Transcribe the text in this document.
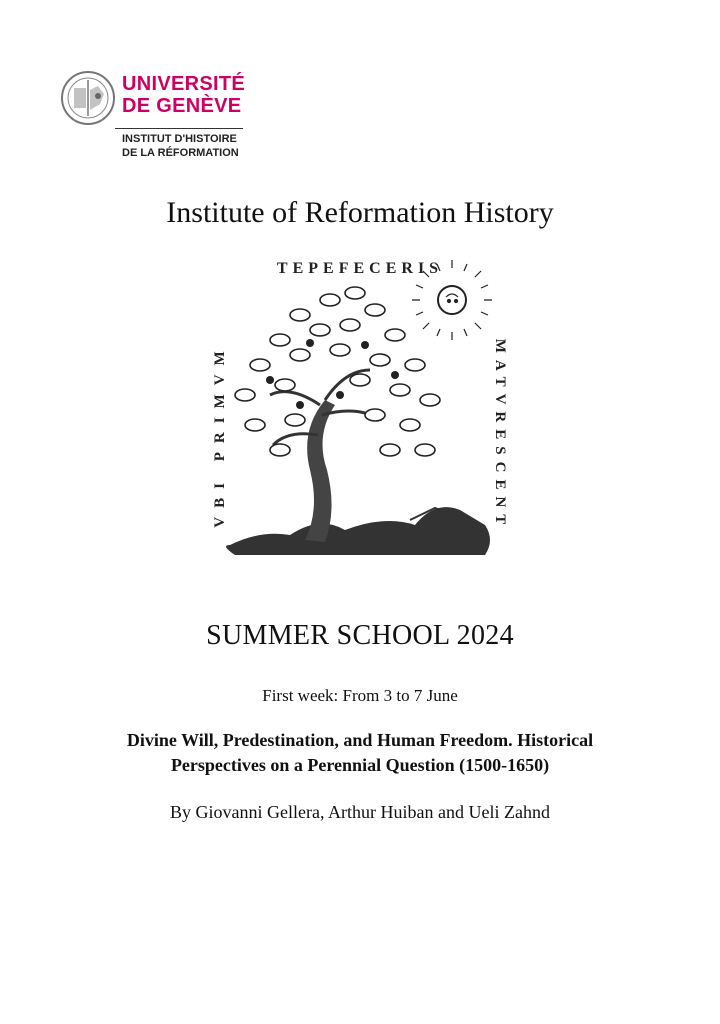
UNIVERSITÉ
DE GENÈVE
INSTITUT D'HISTOIRE
DE LA RÉFORMATION
Institute of Reformation History
TEPEFECERIS
VBI PRIMVM	MATVRESCENT
SUMMER SCHOOL 2024
First week: From 3 to 7 June
Divine Will, Predestination, and Human Freedom. Historical
Perspectives on a Perennial Question (1500-1650)
By Giovanni Gellera, Arthur Huiban and Ueli Zahnd
